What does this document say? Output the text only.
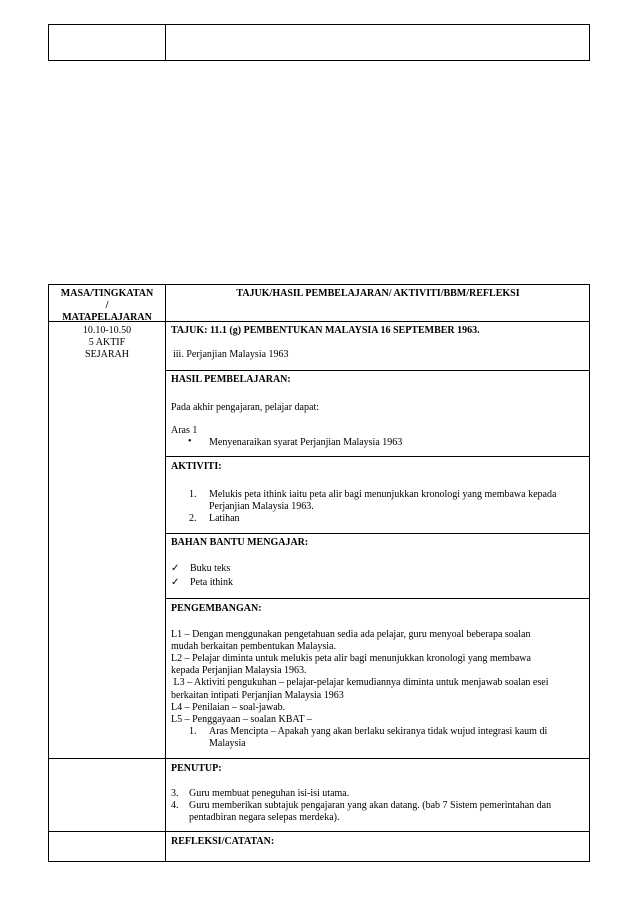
MASA/TINGKATAN
/
MATAPELAJARAN
TAJUK/HASIL PEMBELAJARAN/ AKTIVITI/BBM/REFLEKSI
10.10-10.50
5 AKTIF
SEJARAH
TAJUK: 11.1 (g) PEMBENTUKAN MALAYSIA 16 SEPTEMBER 1963.
iii. Perjanjian Malaysia 1963
HASIL PEMBELAJARAN:
Pada akhir pengajaran, pelajar dapat:
Aras 1
• Menyenaraikan syarat Perjanjian Malaysia 1963
AKTIVITI:
1. Melukis peta ithink iaitu peta alir bagi menunjukkan kronologi yang membawa kepada
Perjanjian Malaysia 1963.
2. Latihan
BAHAN BANTU MENGAJAR:
✓ Buku teks
✓ Peta ithink
PENGEMBANGAN:
L1 – Dengan menggunakan pengetahuan sedia ada pelajar, guru menyoal beberapa soalan
mudah berkaitan pembentukan Malaysia.
L2 – Pelajar diminta untuk melukis peta alir bagi menunjukkan kronologi yang membawa
kepada Perjanjian Malaysia 1963.
L3 – Aktiviti pengukuhan – pelajar-pelajar kemudiannya diminta untuk menjawab soalan esei
berkaitan intipati Perjanjian Malaysia 1963
L4 – Penilaian – soal-jawab.
L5 – Penggayaan – soalan KBAT –
1. Aras Mencipta – Apakah yang akan berlaku sekiranya tidak wujud integrasi kaum di
Malaysia
PENUTUP:
3. Guru membuat peneguhan isi-isi utama.
4. Guru memberikan subtajuk pengajaran yang akan datang. (bab 7 Sistem pemerintahan dan
pentadbiran negara selepas merdeka).
REFLEKSI/CATATAN:
